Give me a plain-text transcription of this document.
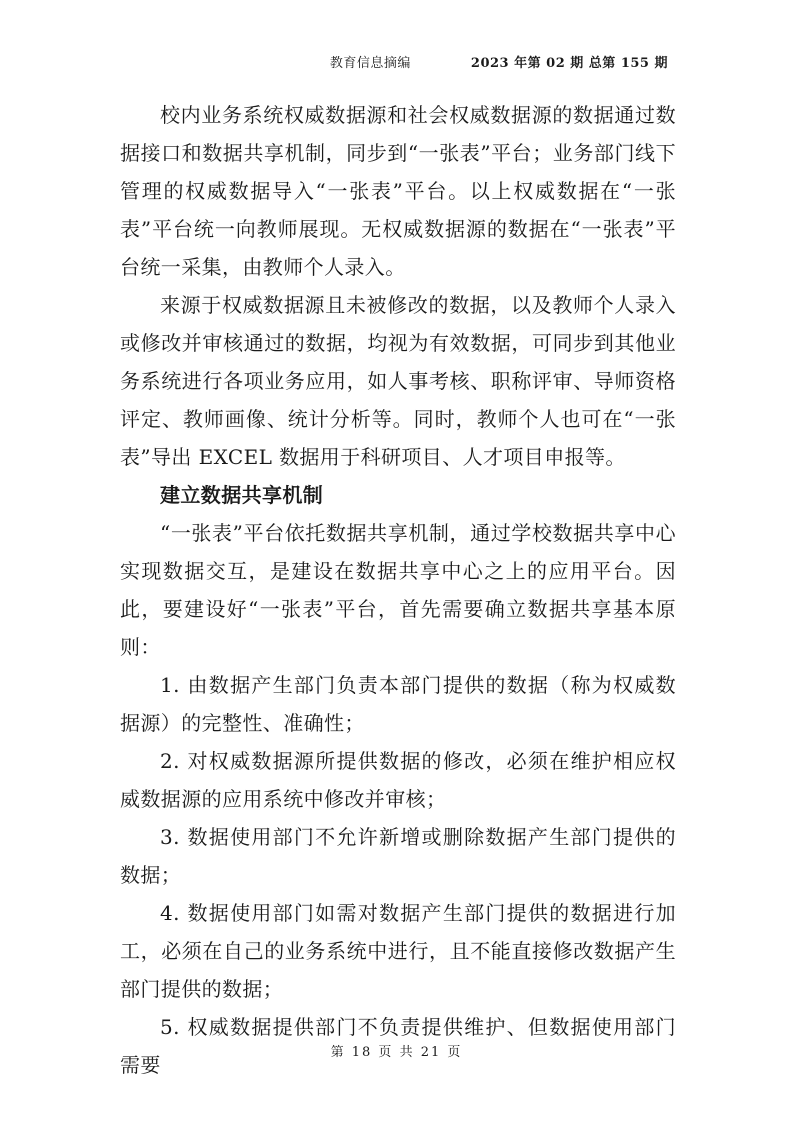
教育信息摘编	2023 年第 02 期 总第 155 期

校内业务系统权威数据源和社会权威数据源的数据通过数据接口和数据共享机制，同步到“一张表”平台；业务部门线下管理的权威数据导入“一张表”平台。以上权威数据在“一张表”平台统一向教师展现。无权威数据源的数据在“一张表”平台统一采集，由教师个人录入。

来源于权威数据源且未被修改的数据，以及教师个人录入或修改并审核通过的数据，均视为有效数据，可同步到其他业务系统进行各项业务应用，如人事考核、职称评审、导师资格评定、教师画像、统计分析等。同时，教师个人也可在“一张表”导出 EXCEL 数据用于科研项目、人才项目申报等。

建立数据共享机制

“一张表”平台依托数据共享机制，通过学校数据共享中心实现数据交互，是建设在数据共享中心之上的应用平台。因此，要建设好“一张表”平台，首先需要确立数据共享基本原则：

1. 由数据产生部门负责本部门提供的数据（称为权威数据源）的完整性、准确性；

2. 对权威数据源所提供数据的修改，必须在维护相应权威数据源的应用系统中修改并审核；

3. 数据使用部门不允许新增或删除数据产生部门提供的数据；

4. 数据使用部门如需对数据产生部门提供的数据进行加工，必须在自己的业务系统中进行，且不能直接修改数据产生部门提供的数据；

5. 权威数据提供部门不负责提供维护、但数据使用部门需要

第 18 页 共 21 页
